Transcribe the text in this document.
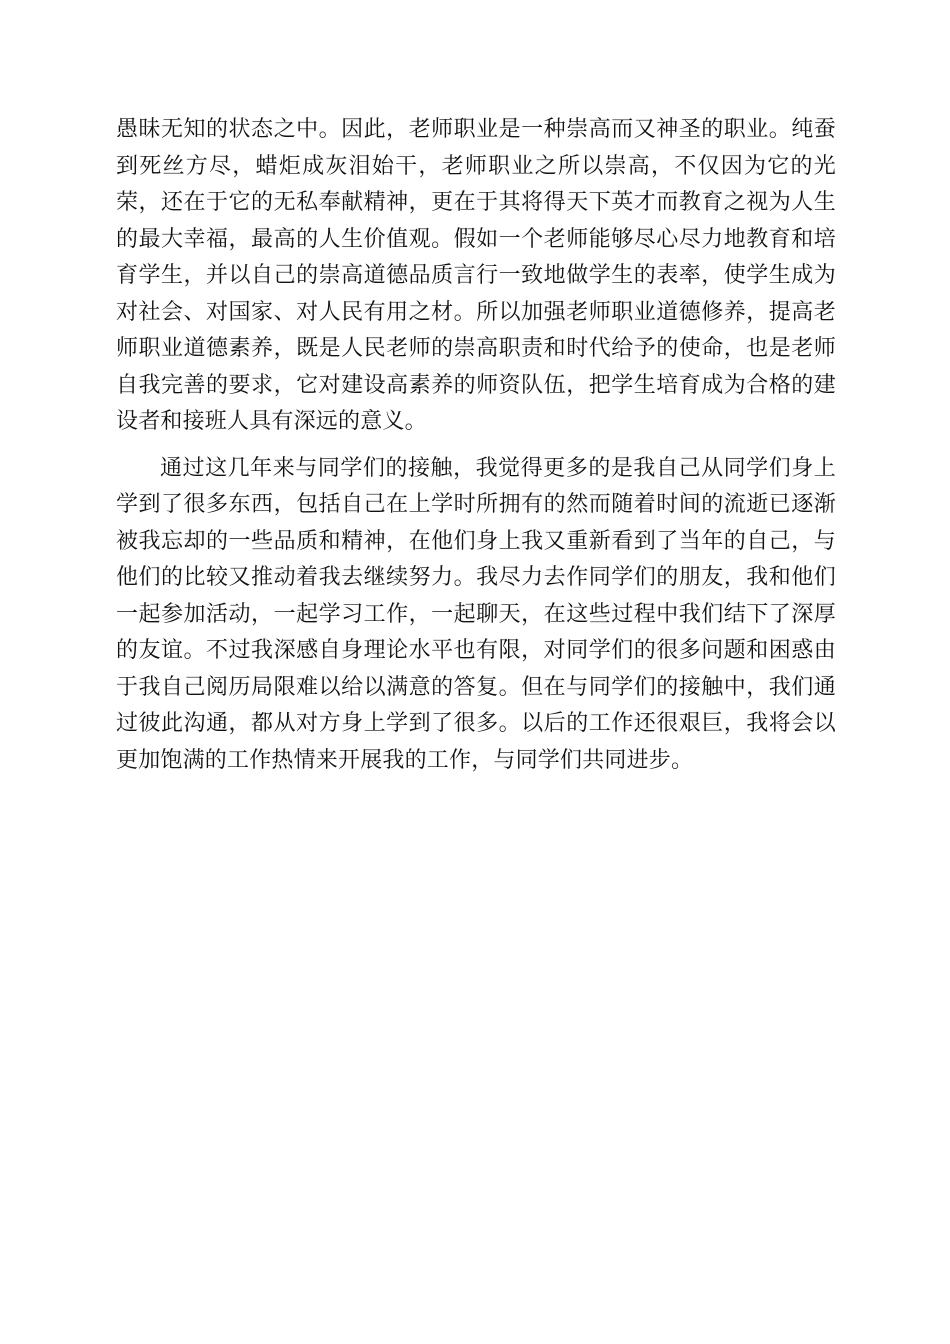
愚昧无知的状态之中。因此，老师职业是一种崇高而又神圣的职业。纯蚕
到死丝方尽，蜡炬成灰泪始干，老师职业之所以崇高，不仅因为它的光
荣，还在于它的无私奉献精神，更在于其将得天下英才而教育之视为人生
的最大幸福，最高的人生价值观。假如一个老师能够尽心尽力地教育和培
育学生，并以自己的崇高道德品质言行一致地做学生的表率，使学生成为
对社会、对国家、对人民有用之材。所以加强老师职业道德修养，提高老
师职业道德素养，既是人民老师的崇高职责和时代给予的使命，也是老师
自我完善的要求，它对建设高素养的师资队伍，把学生培育成为合格的建
设者和接班人具有深远的意义。
通过这几年来与同学们的接触，我觉得更多的是我自己从同学们身上
学到了很多东西，包括自己在上学时所拥有的然而随着时间的流逝已逐渐
被我忘却的一些品质和精神，在他们身上我又重新看到了当年的自己，与
他们的比较又推动着我去继续努力。我尽力去作同学们的朋友，我和他们
一起参加活动，一起学习工作，一起聊天，在这些过程中我们结下了深厚
的友谊。不过我深感自身理论水平也有限，对同学们的很多问题和困惑由
于我自己阅历局限难以给以满意的答复。但在与同学们的接触中，我们通
过彼此沟通，都从对方身上学到了很多。以后的工作还很艰巨，我将会以
更加饱满的工作热情来开展我的工作，与同学们共同进步。
